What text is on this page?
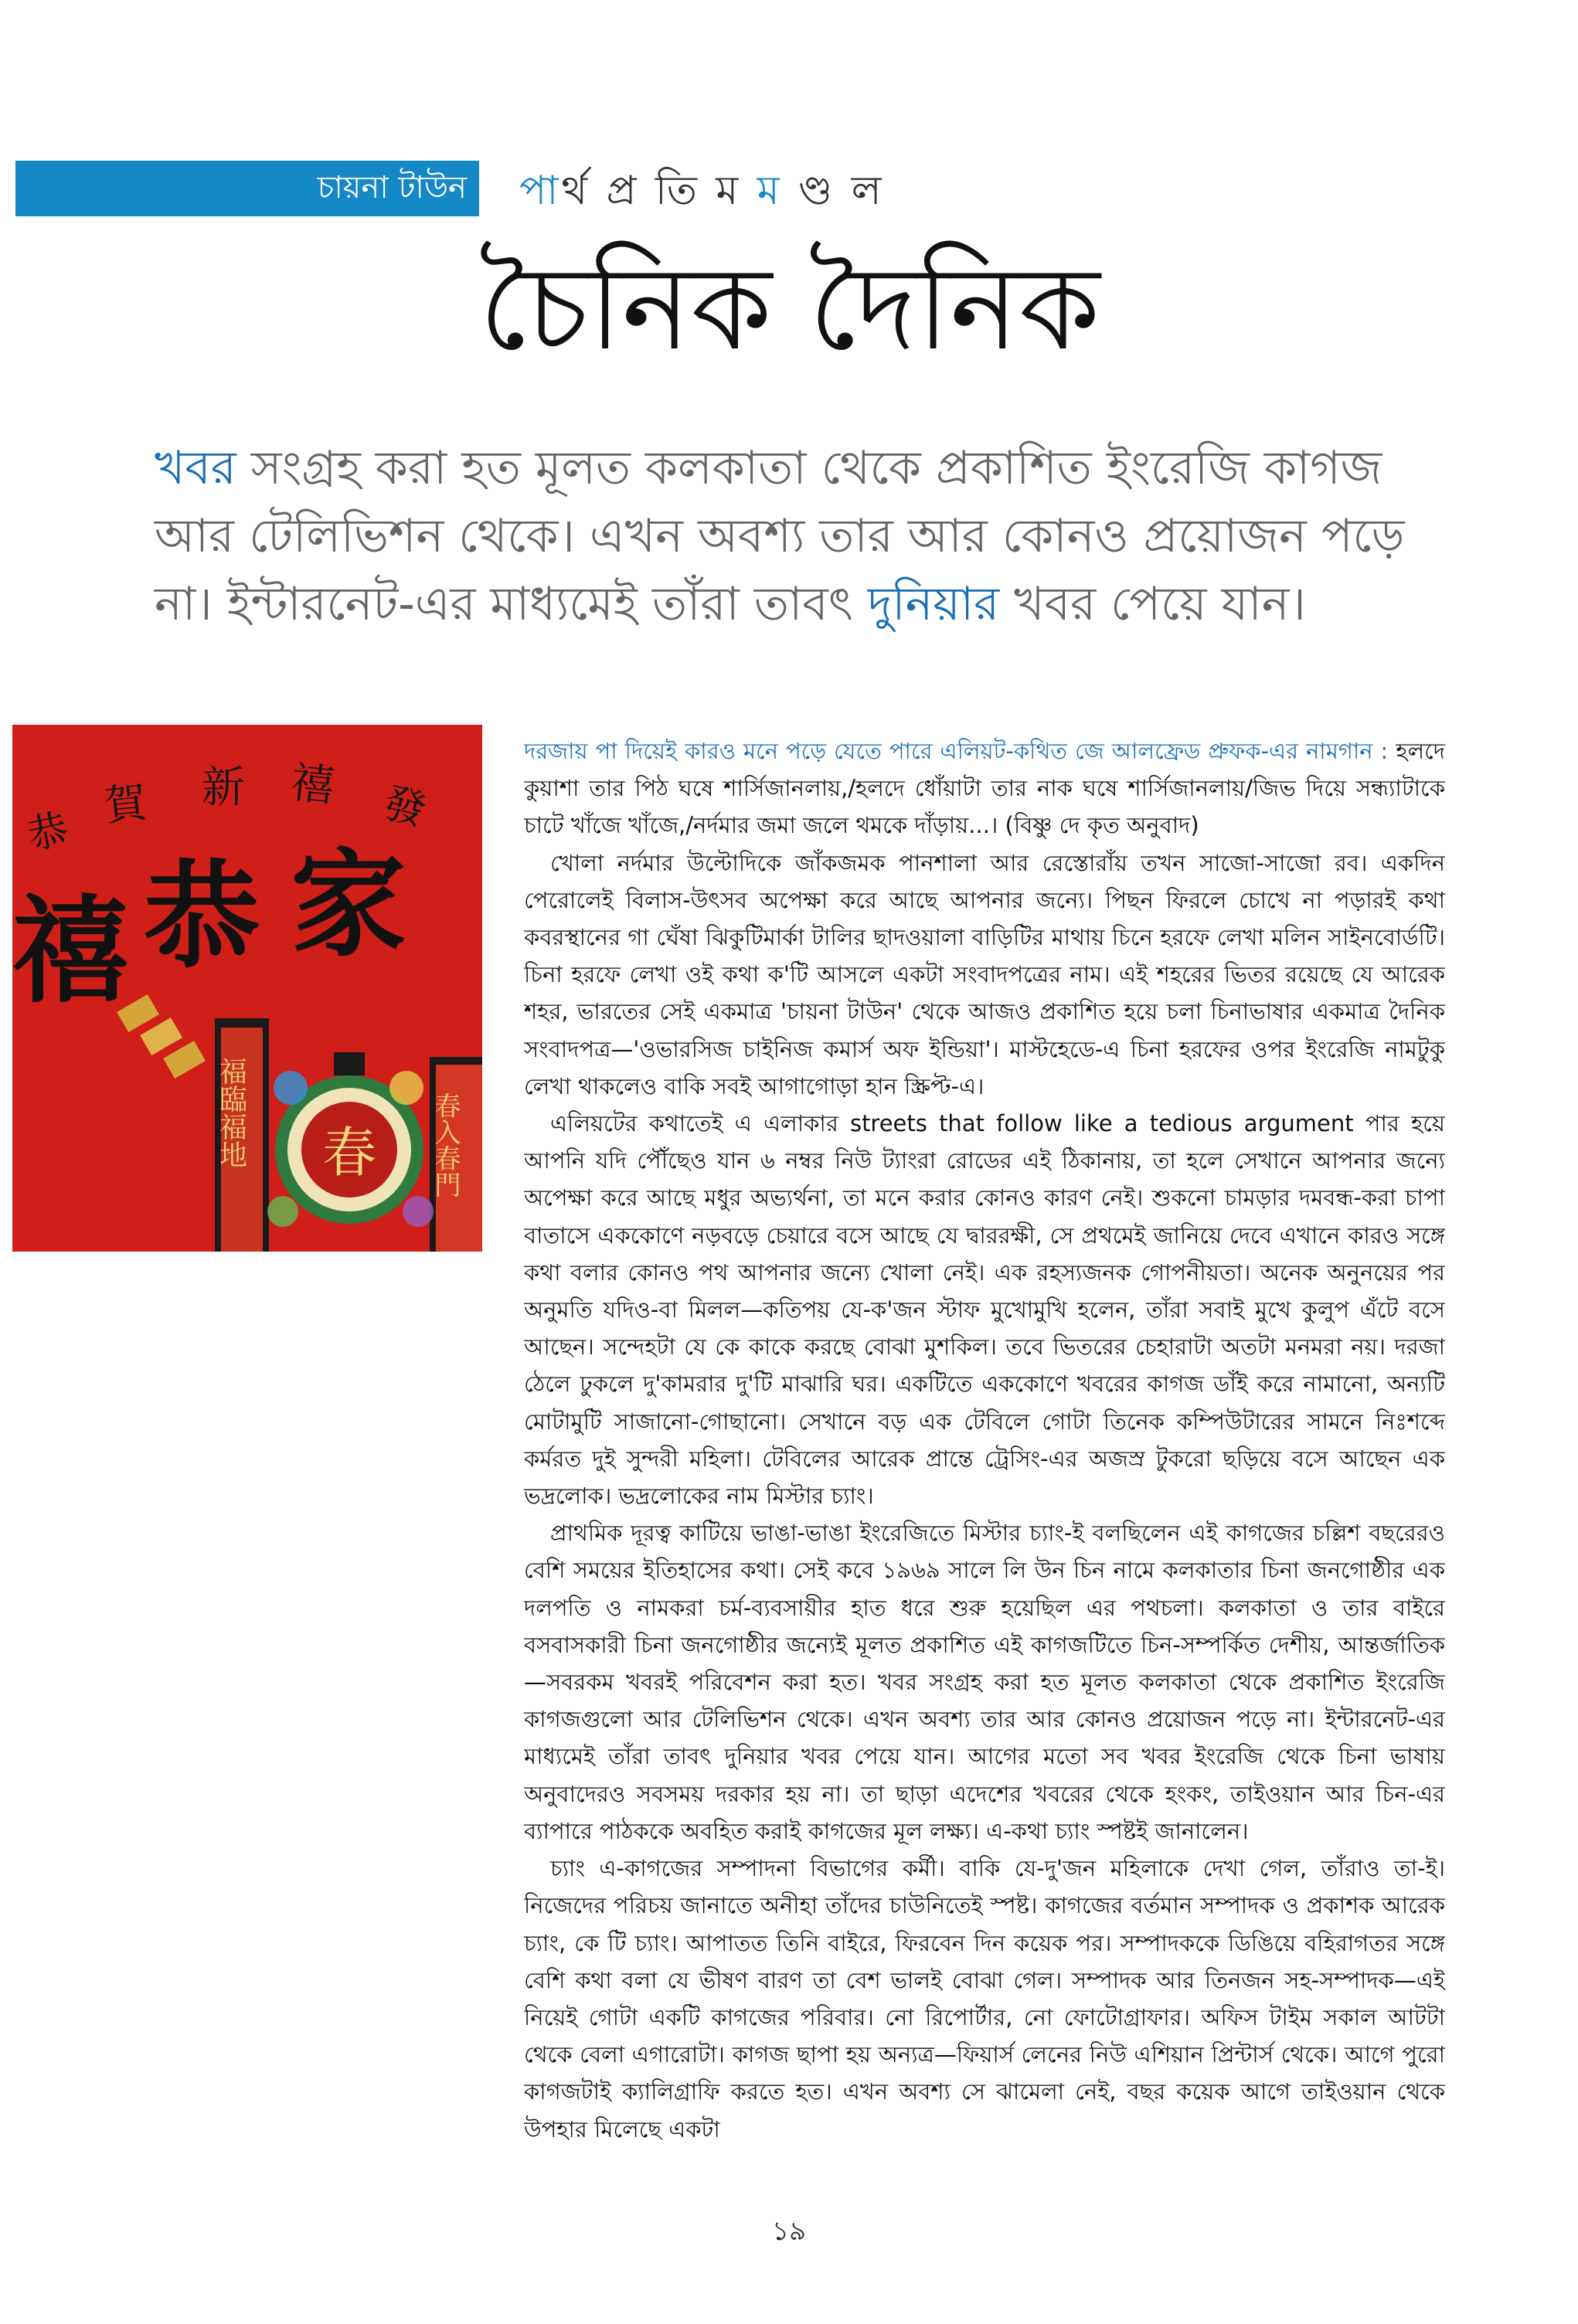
চায়না টাউন	পার্থ প্র তি ম ম ণ্ড ল
চৈনিক দৈনিক
খবর সংগ্রহ করা হত মূলত কলকাতা থেকে প্রকাশিত ইংরেজি কাগজ আর টেলিভিশন থেকে। এখন অবশ্য তার আর কোনও প্রয়োজন পড়ে না। ইন্টারনেট-এর মাধ্যমেই তাঁরা তাবৎ দুনিয়ার খবর পেয়ে যান।
恭
賀 新 禧 發
禧 恭 家
福臨福地	春入春門
春

দরজায় পা দিয়েই কারও মনে পড়ে যেতে পারে এলিয়ট-কথিত জে আলফ্রেড প্রুফক-এর নামগান : হলদে কুয়াশা তার পিঠ ঘষে শার্সিজানলায়,/হলদে ধোঁয়াটা তার নাক ঘষে শার্সিজানলায়/জিভ দিয়ে সন্ধ্যাটাকে চাটে খাঁজে খাঁজে,/নর্দমার জমা জলে থমকে দাঁড়ায়...। (বিষ্ণু দে কৃত অনুবাদ)

খোলা নর্দমার উল্টোদিকে জাঁকজমক পানশালা আর রেস্তোরাঁয় তখন সাজো-সাজো রব। একদিন পেরোলেই বিলাস-উৎসব অপেক্ষা করে আছে আপনার জন্যে। পিছন ফিরলে চোখে না পড়ারই কথা কবরস্থানের গা ঘেঁষা ঝিকুটিমার্কা টালির ছাদওয়ালা বাড়িটির মাথায় চিনে হরফে লেখা মলিন সাইনবোর্ডটি। চিনা হরফে লেখা ওই কথা ক'টি আসলে একটা সংবাদপত্রের নাম। এই শহরের ভিতর রয়েছে যে আরেক শহর, ভারতের সেই একমাত্র 'চায়না টাউন' থেকে আজও প্রকাশিত হয়ে চলা চিনাভাষার একমাত্র দৈনিক সংবাদপত্র—'ওভারসিজ চাইনিজ কমার্স অফ ইন্ডিয়া'। মাস্টহেডে-এ চিনা হরফের ওপর ইংরেজি নামটুকু লেখা থাকলেও বাকি সবই আগাগোড়া হান স্ক্রিপ্ট-এ।

এলিয়টের কথাতেই এ এলাকার streets that follow like a tedious argument পার হয়ে আপনি যদি পৌঁছেও যান ৬ নম্বর নিউ ট্যাংরা রোডের এই ঠিকানায়, তা হলে সেখানে আপনার জন্যে অপেক্ষা করে আছে মধুর অভ্যর্থনা, তা মনে করার কোনও কারণ নেই। শুকনো চামড়ার দমবন্ধ-করা চাপা বাতাসে এককোণে নড়বড়ে চেয়ারে বসে আছে যে দ্বাররক্ষী, সে প্রথমেই জানিয়ে দেবে এখানে কারও সঙ্গে কথা বলার কোনও পথ আপনার জন্যে খোলা নেই। এক রহস্যজনক গোপনীয়তা। অনেক অনুনয়ের পর অনুমতি যদিও-বা মিলল—কতিপয় যে-ক'জন স্টাফ মুখোমুখি হলেন, তাঁরা সবাই মুখে কুলুপ এঁটে বসে আছেন। সন্দেহটা যে কে কাকে করছে বোঝা মুশকিল। তবে ভিতরের চেহারাটা অতটা মনমরা নয়। দরজা ঠেলে ঢুকলে দু'কামরার দু'টি মাঝারি ঘর। একটিতে এককোণে খবরের কাগজ ডাঁই করে নামানো, অন্যটি মোটামুটি সাজানো-গোছানো। সেখানে বড় এক টেবিলে গোটা তিনেক কম্পিউটারের সামনে নিঃশব্দে কর্মরত দুই সুন্দরী মহিলা। টেবিলের আরেক প্রান্তে ট্রেসিং-এর অজস্র টুকরো ছড়িয়ে বসে আছেন এক ভদ্রলোক। ভদ্রলোকের নাম মিস্টার চ্যাং।

প্রাথমিক দূরত্ব কাটিয়ে ভাঙা-ভাঙা ইংরেজিতে মিস্টার চ্যাং-ই বলছিলেন এই কাগজের চল্লিশ বছরেরও বেশি সময়ের ইতিহাসের কথা। সেই কবে ১৯৬৯ সালে লি উন চিন নামে কলকাতার চিনা জনগোষ্ঠীর এক দলপতি ও নামকরা চর্ম-ব্যবসায়ীর হাত ধরে শুরু হয়েছিল এর পথচলা। কলকাতা ও তার বাইরে বসবাসকারী চিনা জনগোষ্ঠীর জন্যেই মূলত প্রকাশিত এই কাগজটিতে চিন-সম্পর্কিত দেশীয়, আন্তর্জাতিক—সবরকম খবরই পরিবেশন করা হত। খবর সংগ্রহ করা হত মূলত কলকাতা থেকে প্রকাশিত ইংরেজি কাগজগুলো আর টেলিভিশন থেকে। এখন অবশ্য তার আর কোনও প্রয়োজন পড়ে না। ইন্টারনেট-এর মাধ্যমেই তাঁরা তাবৎ দুনিয়ার খবর পেয়ে যান। আগের মতো সব খবর ইংরেজি থেকে চিনা ভাষায় অনুবাদেরও সবসময় দরকার হয় না। তা ছাড়া এদেশের খবরের থেকে হংকং, তাইওয়ান আর চিন-এর ব্যাপারে পাঠককে অবহিত করাই কাগজের মূল লক্ষ্য। এ-কথা চ্যাং স্পষ্টই জানালেন।

চ্যাং এ-কাগজের সম্পাদনা বিভাগের কর্মী। বাকি যে-দু'জন মহিলাকে দেখা গেল, তাঁরাও তা-ই। নিজেদের পরিচয় জানাতে অনীহা তাঁদের চাউনিতেই স্পষ্ট। কাগজের বর্তমান সম্পাদক ও প্রকাশক আরেক চ্যাং, কে টি চ্যাং। আপাতত তিনি বাইরে, ফিরবেন দিন কয়েক পর। সম্পাদককে ডিঙিয়ে বহিরাগতর সঙ্গে বেশি কথা বলা যে ভীষণ বারণ তা বেশ ভালই বোঝা গেল। সম্পাদক আর তিনজন সহ-সম্পাদক—এই নিয়েই গোটা একটি কাগজের পরিবার। নো রিপোর্টার, নো ফোটোগ্রাফার। অফিস টাইম সকাল আটটা থেকে বেলা এগারোটা। কাগজ ছাপা হয় অন্যত্র—ফিয়ার্স লেনের নিউ এশিয়ান প্রিন্টার্স থেকে। আগে পুরো কাগজটাই ক্যালিগ্রাফি করতে হত। এখন অবশ্য সে ঝামেলা নেই, বছর কয়েক আগে তাইওয়ান থেকে উপহার মিলেছে একটা

১৯
